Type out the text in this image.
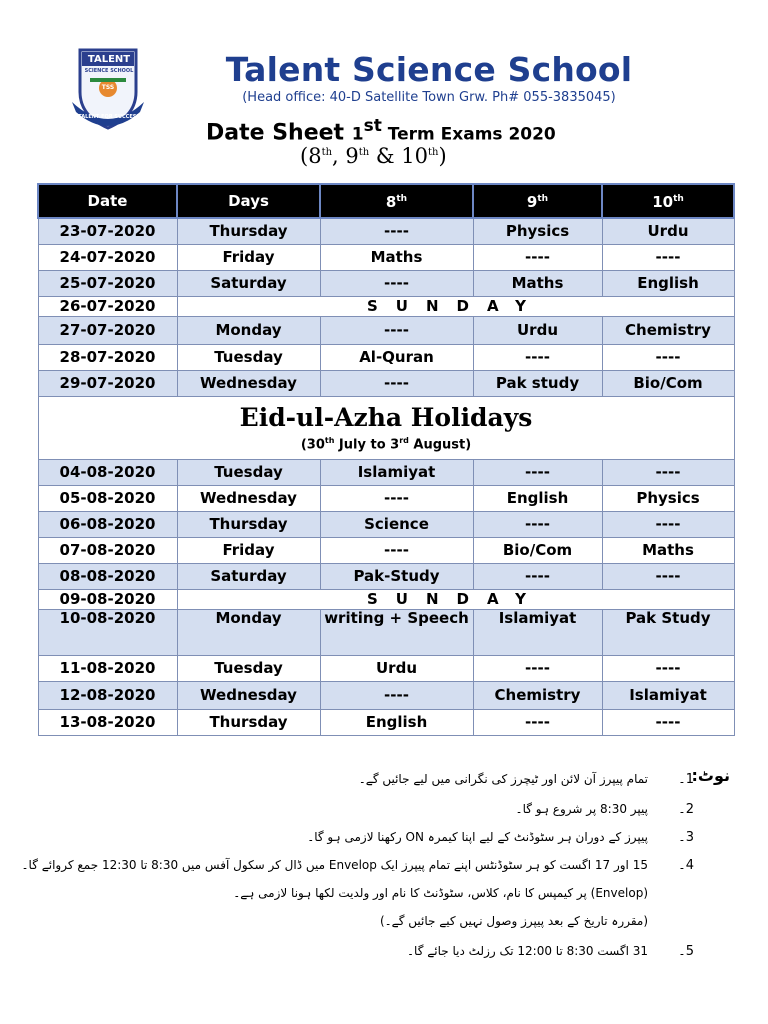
TALENT
SCIENCE SCHOOL
TSS
TALENT FOR SUCCESS
Talent Science School
(Head office: 40-D Satellite Town Grw. Ph# 055-3835045)
Date Sheet 1st Term Exams 2020
(8th, 9th & 10th)
Date	Days	8th	9th	10th
23-07-2020	Thursday	----	Physics	Urdu
24-07-2020	Friday	Maths	----	----
25-07-2020	Saturday	----	Maths	English
26-07-2020	SUNDAY			
27-07-2020	Monday	----	Urdu	Chemistry
28-07-2020	Tuesday	Al-Quran	----	----
29-07-2020	Wednesday	----	Pak study	Bio/Com

Eid-ul-Azha Holidays
(30th July to 3rd August)				

04-08-2020	Tuesday	Islamiyat	----	----
05-08-2020	Wednesday	----	English	Physics
06-08-2020	Thursday	Science	----	----
07-08-2020	Friday	----	Bio/Com	Maths
08-08-2020	Saturday	Pak-Study	----	----
09-08-2020	SUNDAY			
10-08-2020	Monday	writing + Speech	Islamiyat	Pak Study
11-08-2020	Tuesday	Urdu	----	----
12-08-2020	Wednesday	----	Chemistry	Islamiyat
13-08-2020	Thursday	English	----	----
نوٹ:
1۔تمام پیپرز آن لائن اور ٹیچرز کی نگرانی میں لیے جائیں گے۔
2۔پیپر 8:30 پر شروع ہو گا۔
3۔پیپرز کے دوران ہر سٹوڈنٹ کے لیے اپنا کیمرہ ON رکھنا لازمی ہو گا۔
4۔15 اور 17 اگست کو ہر سٹوڈنٹس اپنے تمام پیپرز ایک Envelop میں ڈال کر سکول آفس میں 8:30 تا 12:30 جمع کروائے گا۔
(Envelop) پر کیمپس کا نام، کلاس، سٹوڈنٹ کا نام اور ولدیت لکھا ہونا لازمی ہے۔
(مقررہ تاریخ کے بعد پیپرز وصول نہیں کیے جائیں گے۔)
5۔31 اگست 8:30 تا 12:00 تک رزلٹ دیا جائے گا۔
